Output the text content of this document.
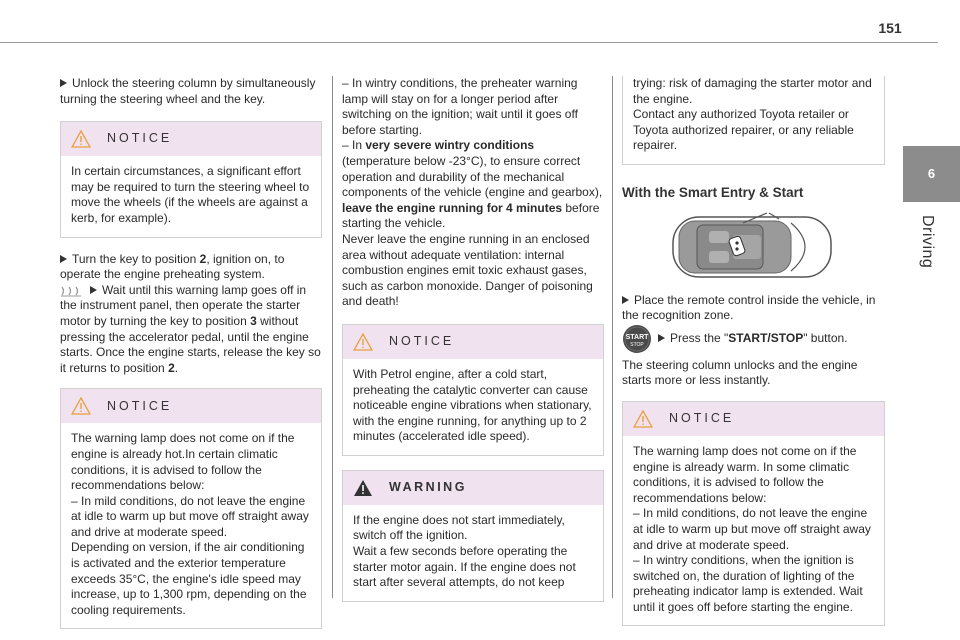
151
6
Driving

Unlock the steering column by simultaneously turning the steering wheel and the key.

NOTICE

In certain circumstances, a significant effort may be required to turn the steering wheel to move the wheels (if the wheels are against a kerb, for example).

Turn the key to position 2, ignition on, to operate the engine preheating system.

Wait until this warning lamp goes off in the instrument panel, then operate the starter motor by turning the key to position 3 without pressing the accelerator pedal, until the engine starts. Once the engine starts, release the key so it returns to position 2.

NOTICE

The warning lamp does not come on if the engine is already hot.In certain climatic conditions, it is advised to follow the recommendations below:

– In mild conditions, do not leave the engine at idle to warm up but move off straight away and drive at moderate speed.

Depending on version, if the air conditioning is activated and the exterior temperature exceeds 35°C, the engine's idle speed may increase, up to 1,300 rpm, depending on the cooling requirements.

– In wintry conditions, the preheater warning lamp will stay on for a longer period after switching on the ignition; wait until it goes off before starting.

– In very severe wintry conditions (temperature below -23°C), to ensure correct operation and durability of the mechanical components of the vehicle (engine and gearbox), leave the engine running for 4 minutes before starting the vehicle.

Never leave the engine running in an enclosed area without adequate ventilation: internal combustion engines emit toxic exhaust gases, such as carbon monoxide. Danger of poisoning and death!

NOTICE

With Petrol engine, after a cold start, preheating the catalytic converter can cause noticeable engine vibrations when stationary, with the engine running, for anything up to 2 minutes (accelerated idle speed).

WARNING

If the engine does not start immediately, switch off the ignition.

Wait a few seconds before operating the starter motor again. If the engine does not start after several attempts, do not keep

trying: risk of damaging the starter motor and the engine.

Contact any authorized Toyota retailer or Toyota authorized repairer, or any reliable repairer.

With the Smart Entry & Start

Place the remote control inside the vehicle, in the recognition zone.

START
STOP Press the "START/STOP" button.

The steering column unlocks and the engine starts more or less instantly.

NOTICE

The warning lamp does not come on if the engine is already warm. In some climatic conditions, it is advised to follow the recommendations below:

– In mild conditions, do not leave the engine at idle to warm up but move off straight away and drive at moderate speed.

– In wintry conditions, when the ignition is switched on, the duration of lighting of the preheating indicator lamp is extended. Wait until it goes off before starting the engine.
